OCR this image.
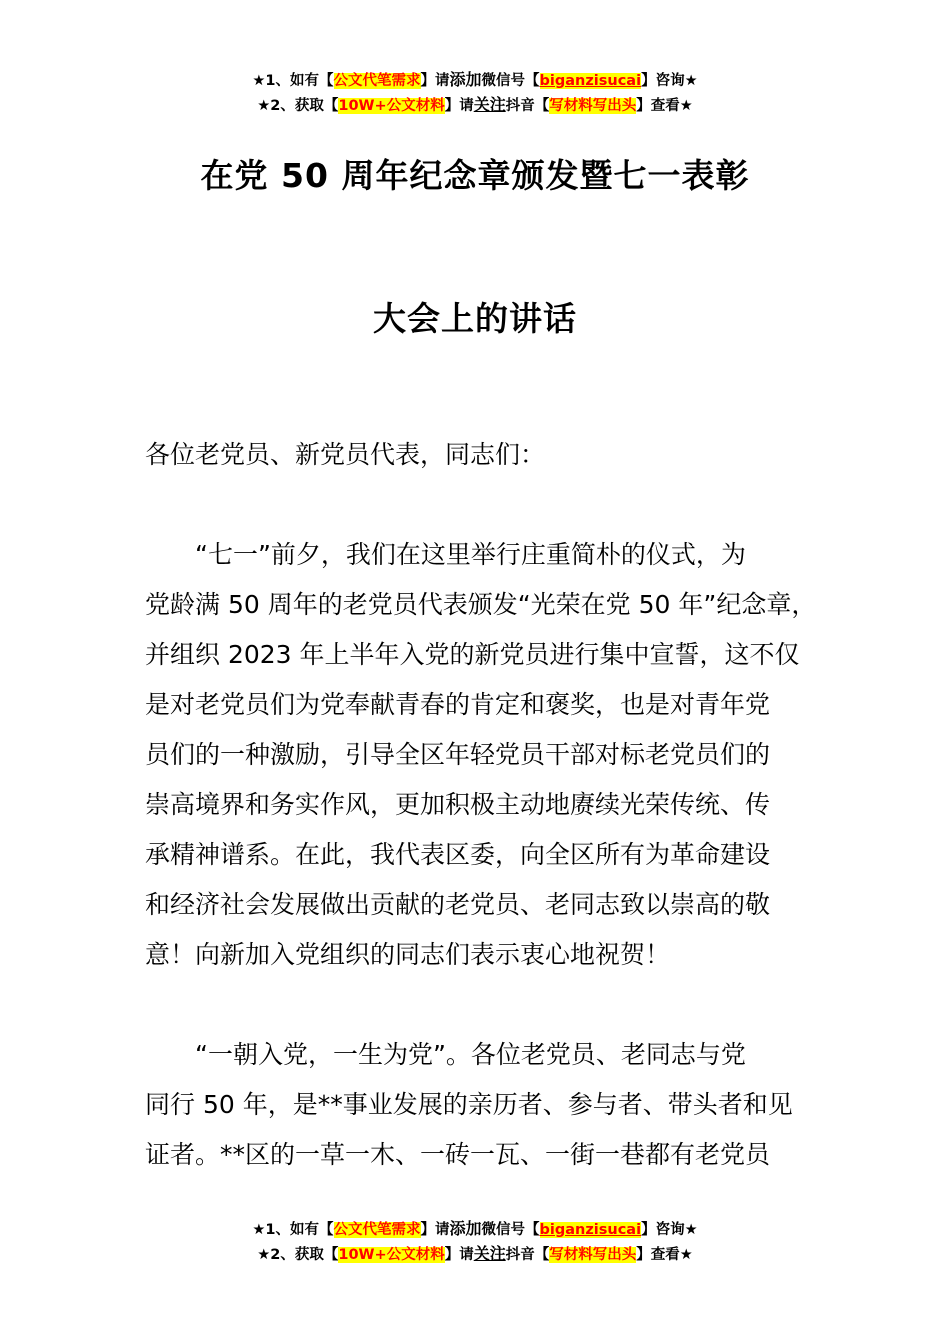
★1、如有【公文代笔需求】请添加微信号【biganzisucai】咨询★
★2、获取【10W+公文材料】请关注抖音【写材料写出头】查看★
在党 50 周年纪念章颁发暨七一表彰
大会上的讲话
各位老党员、新党员代表，同志们：
　　“七一”前夕，我们在这里举行庄重简朴的仪式，为
党龄满 50 周年的老党员代表颁发“光荣在党 50 年”纪念章，
并组织 2023 年上半年入党的新党员进行集中宣誓，这不仅
是对老党员们为党奉献青春的肯定和褒奖，也是对青年党
员们的一种激励，引导全区年轻党员干部对标老党员们的
崇高境界和务实作风，更加积极主动地赓续光荣传统、传
承精神谱系。在此，我代表区委，向全区所有为革命建设
和经济社会发展做出贡献的老党员、老同志致以崇高的敬
意！向新加入党组织的同志们表示衷心地祝贺！
　　“一朝入党，一生为党”。各位老党员、老同志与党
同行 50 年，是**事业发展的亲历者、参与者、带头者和见
证者。**区的一草一木、一砖一瓦、一街一巷都有老党员
★1、如有【公文代笔需求】请添加微信号【biganzisucai】咨询★
★2、获取【10W+公文材料】请关注抖音【写材料写出头】查看★
